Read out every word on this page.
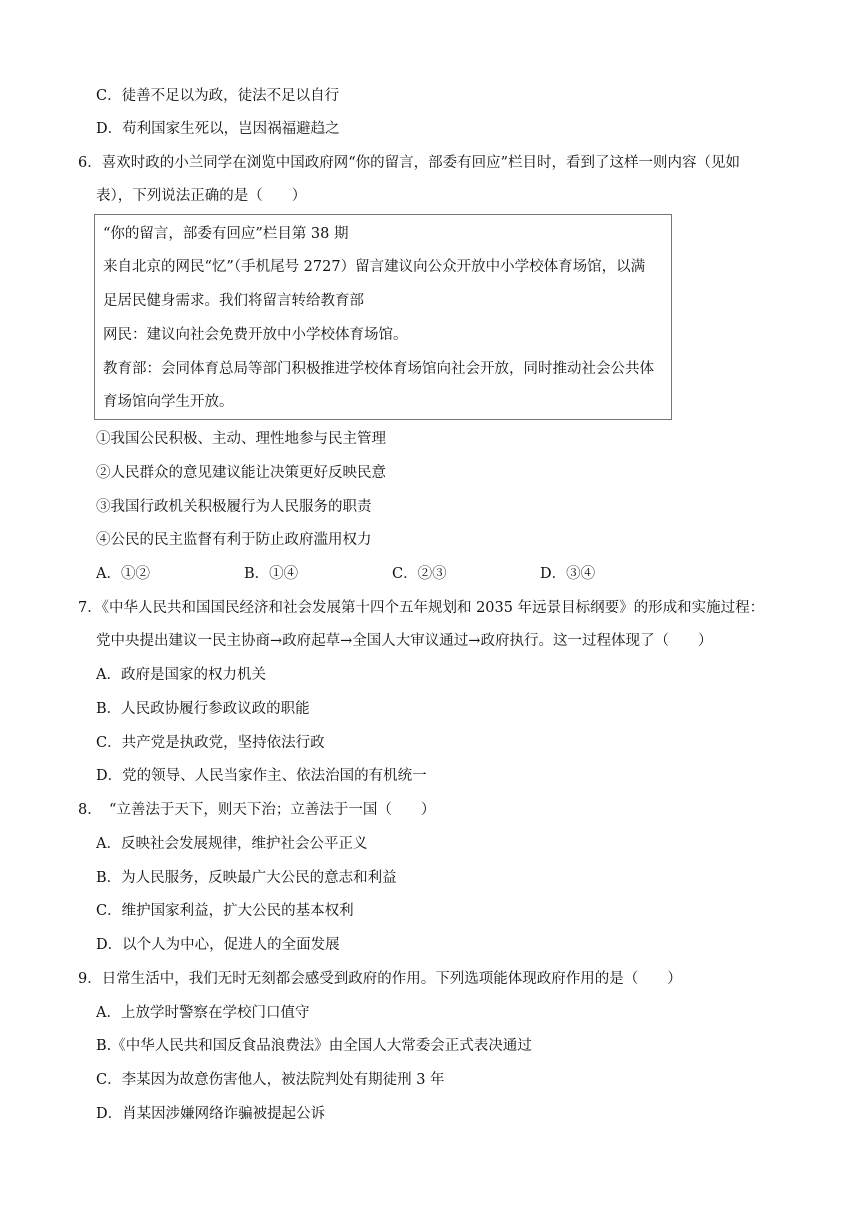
C．徒善不足以为政，徒法不足以自行
D．苟利国家生死以，岂因祸福避趋之
6．喜欢时政的小兰同学在浏览中国政府网“你的留言，部委有回应”栏目时，看到了这样一则内容（见如
表），下列说法正确的是（　　）
“你的留言，部委有回应”栏目第 38 期
来自北京的网民“忆”（手机尾号 2727）留言建议向公众开放中小学校体育场馆，以满
足居民健身需求。我们将留言转给教育部
网民：建议向社会免费开放中小学校体育场馆。
教育部：会同体育总局等部门积极推进学校体育场馆向社会开放，同时推动社会公共体
育场馆向学生开放。
①我国公民积极、主动、理性地参与民主管理
②人民群众的意见建议能让决策更好反映民意
③我国行政机关积极履行为人民服务的职责
④公民的民主监督有利于防止政府滥用权力
A．①②	B．①④	C．②③	D．③④
7．《中华人民共和国国民经济和社会发展第十四个五年规划和 2035 年远景目标纲要》的形成和实施过程：
党中央提出建议一民主协商→政府起草→全国人大审议通过→政府执行。这一过程体现了（　　）
A．政府是国家的权力机关
B．人民政协履行参政议政的职能
C．共产党是执政党，坚持依法行政
D．党的领导、人民当家作主、依法治国的有机统一
8．　“立善法于天下，则天下治；立善法于一国（　　）
A．反映社会发展规律，维护社会公平正义
B．为人民服务，反映最广大公民的意志和利益
C．维护国家利益，扩大公民的基本权利
D．以个人为中心，促进人的全面发展
9．日常生活中，我们无时无刻都会感受到政府的作用。下列选项能体现政府作用的是（　　）
A．上放学时警察在学校门口值守
B.《中华人民共和国反食品浪费法》由全国人大常委会正式表决通过
C．李某因为故意伤害他人，被法院判处有期徒刑 3 年
D．肖某因涉嫌网络诈骗被提起公诉
